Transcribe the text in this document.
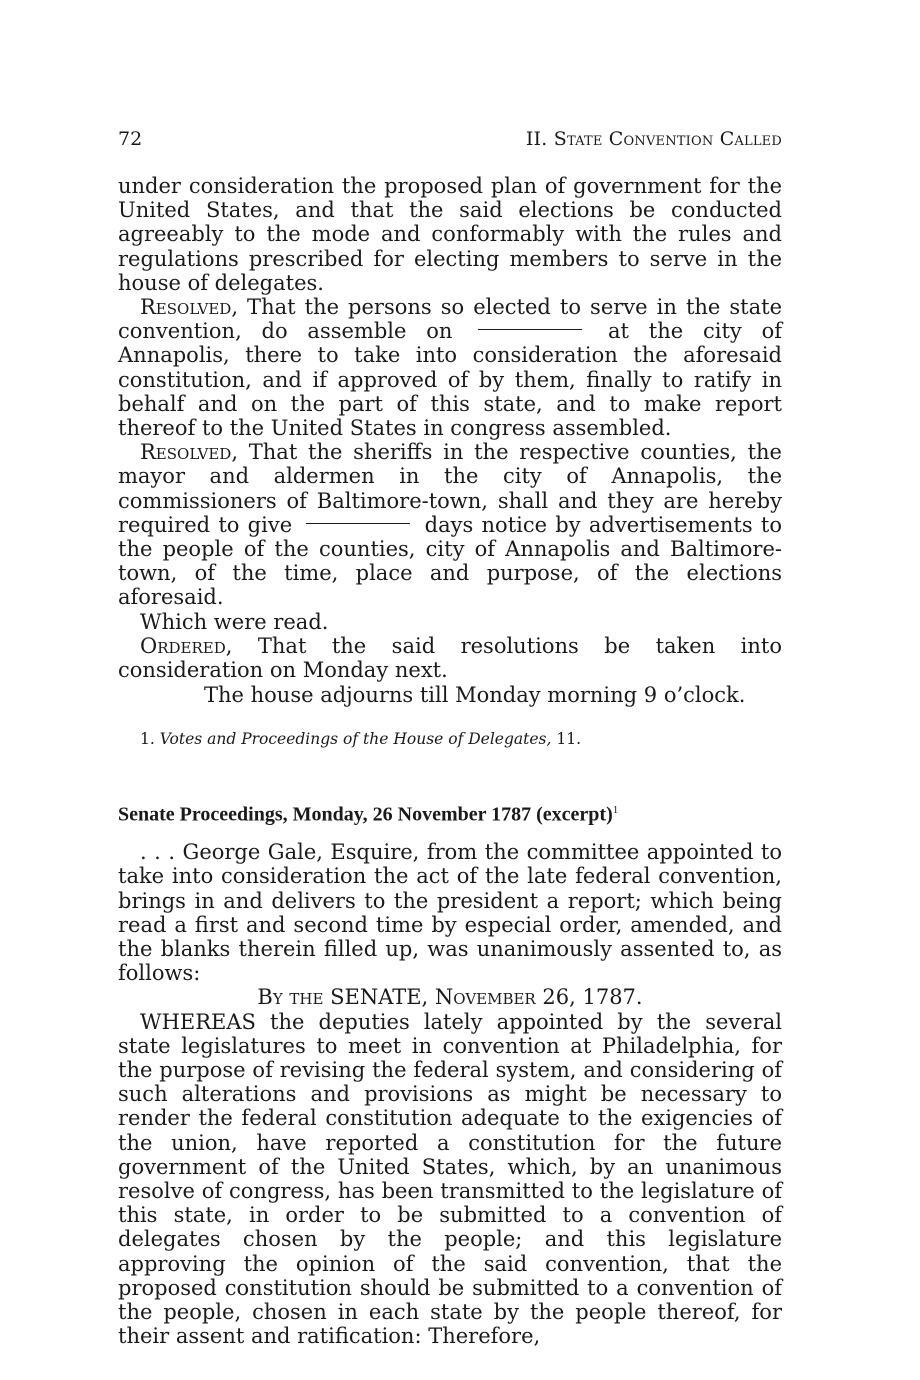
72	II. State Convention Called

under consideration the proposed plan of government for the United States, and that the said elections be conducted agreeably to the mode and conformably with the rules and regulations prescribed for electing members to serve in the house of delegates.

Resolved, That the persons so elected to serve in the state convention, do assemble on	at the city of Annapolis, there to take into consideration the aforesaid constitution, and if approved of by them, finally to ratify in behalf and on the part of this state, and to make report thereof to the United States in congress assembled.

Resolved, That the sheriffs in the respective counties, the mayor and aldermen in the city of Annapolis, the commissioners of Baltimore-town, shall and they are hereby required to give	days notice by advertisements to the people of the counties, city of Annapolis and Baltimore-town, of the time, place and purpose, of the elections aforesaid.

Which were read.

Ordered, That the said resolutions be taken into consideration on Monday next.

The house adjourns till Monday morning 9 o’clock.

1. Votes and Proceedings of the House of Delegates, 11.
Senate Proceedings, Monday, 26 November 1787 (excerpt)$^1$

. . . George Gale, Esquire, from the committee appointed to take into consideration the act of the late federal convention, brings in and delivers to the president a report; which being read a first and second time by especial order, amended, and the blanks therein filled up, was unanimously assented to, as follows:

By the SENATE, November 26, 1787.

WHEREAS the deputies lately appointed by the several state legislatures to meet in convention at Philadelphia, for the purpose of revising the federal system, and considering of such alterations and provisions as might be necessary to render the federal constitution adequate to the exigencies of the union, have reported a constitution for the future government of the United States, which, by an unanimous resolve of congress, has been transmitted to the legislature of this state, in order to be submitted to a convention of delegates chosen by the people; and this legislature approving the opinion of the said convention, that the proposed constitution should be submitted to a convention of the people, chosen in each state by the people thereof, for their assent and ratification: Therefore,
